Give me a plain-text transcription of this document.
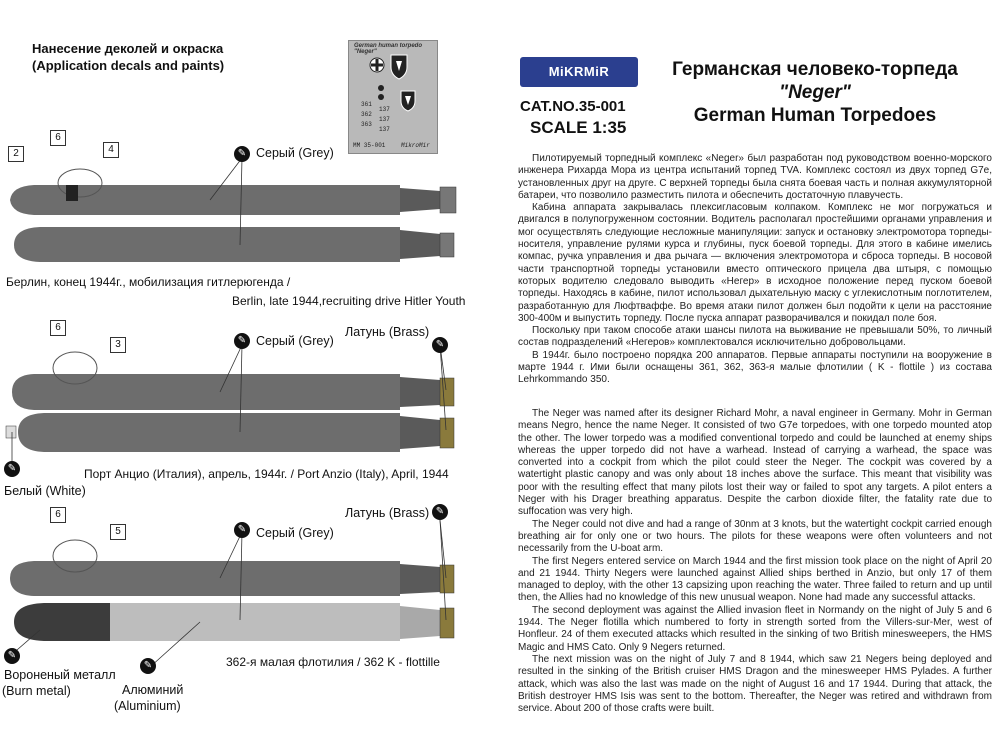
Нанесение деколей и окраска
(Application decals and paints)
German human torpedo "Neger"
361
362
363
137
137
137
MM 35-001	MikroMir
MiKRMiR
CAT.NO.35-001
SCALE 1:35
Германская человеко-торпеда
"Neger"
German Human Torpedoes
2
6
4	✎ Серый (Grey)
Берлин, конец 1944г., мобилизация гитлерюгенда /
Berlin, late 1944,recruiting drive Hitler Youth
6
3	✎ Серый (Grey)
Латунь (Brass)
✎
✎	Порт Анцио (Италия), апрель, 1944г. / Port Anzio (Italy), April, 1944
Белый (White)
6
5	✎ Серый (Grey)
Латунь (Brass) ✎
✎
Вороненый металл
(Burn metal)
✎
Алюминий
(Aluminium)
362-я малая флотилия / 362 K - flottille

Пилотируемый торпедный комплекс «Neger» был разработан под руководством военно-морского инженера Рихарда Мора из центра испытаний торпед TVA. Комплекс состоял из двух торпед G7e, установленных друг на друге. С верхней торпеды была снята боевая часть и полная аккумуляторной батареи, что позволило разместить пилота и обеспечить достаточную плавучесть.

Кабина аппарата закрывалась плексигласовым колпаком. Комплекс не мог погружаться и двигался в полупогруженном состоянии. Водитель располагал простейшими органами управления и мог осуществлять следующие несложные манипуляции: запуск и остановку электромотора торпеды-носителя, управление рулями курса и глубины, пуск боевой торпеды. Для этого в кабине имелись компас, ручка управления и два рычага — включения электромотора и сброса торпеды. В носовой части транспортной торпеды установили вместо оптического прицела два штыря, с помощью которых водителю следовало выводить «Негер» в исходное положение перед пуском боевой торпеды. Находясь в кабине, пилот использовал дыхательную маску с углекислотным поглотителем, разработанную для Люфтваффе. Во время атаки пилот должен был подойти к цели на расстояние 300-400м и выпустить торпеду. После пуска аппарат разворачивался и покидал поле боя.

Поскольку при таком способе атаки шансы пилота на выживание не превышали 50%, то личный состав подразделений «Негеров» комплектовался исключительно добровольцами.

В 1944г. было построено порядка 200 аппаратов. Первые аппараты поступили на вооружение в марте 1944 г. Ими были оснащены 361, 362, 363-я малые флотилии ( K - flottile ) из состава Lehrkommando 350.

The Neger was named after its designer Richard Mohr, a naval engineer in Germany. Mohr in German means Negro, hence the name Neger. It consisted of two G7e torpedoes, with one torpedo mounted atop the other. The lower torpedo was a modified conventional torpedo and could be launched at enemy ships whereas the upper torpedo did not have a warhead. Instead of carrying a warhead, the space was converted into a cockpit from which the pilot could steer the Neger. The cockpit was covered by a watertight plastic canopy and was only about 18 inches above the surface. This meant that visibility was poor with the resulting effect that many pilots lost their way or failed to spot any targets. A pilot enters a Neger with his Drager breathing apparatus. Despite the carbon dioxide filter, the fatality rate due to suffocation was very high.

The Neger could not dive and had a range of 30nm at 3 knots, but the watertight cockpit carried enough breathing air for only one or two hours. The pilots for these weapons were often volunteers and not necessarily from the U-boat arm.

The first Negers entered service on March 1944 and the first mission took place on the night of April 20 and 21 1944. Thirty Negers were launched against Allied ships berthed in Anzio, but only 17 of them managed to deploy, with the other 13 capsizing upon reaching the water. Three failed to return and up until then, the Allies had no knowledge of this new unusual weapon. None had made any successful attacks.

The second deployment was against the Allied invasion fleet in Normandy on the night of July 5 and 6 1944. The Neger flotilla which numbered to forty in strength sorted from the Villers-sur-Mer, west of Honfleur. 24 of them executed attacks which resulted in the sinking of two British minesweepers, the HMS Magic and HMS Cato. Only 9 Negers returned.

The next mission was on the night of July 7 and 8 1944, which saw 21 Negers being deployed and resulted in the sinking of the British cruiser HMS Dragon and the minesweeper HMS Pylades. A further attack, which was also the last was made on the night of August 16 and 17 1944. During that attack, the British destroyer HMS Isis was sent to the bottom. Thereafter, the Neger was retired and withdrawn from service. About 200 of those crafts were built.
